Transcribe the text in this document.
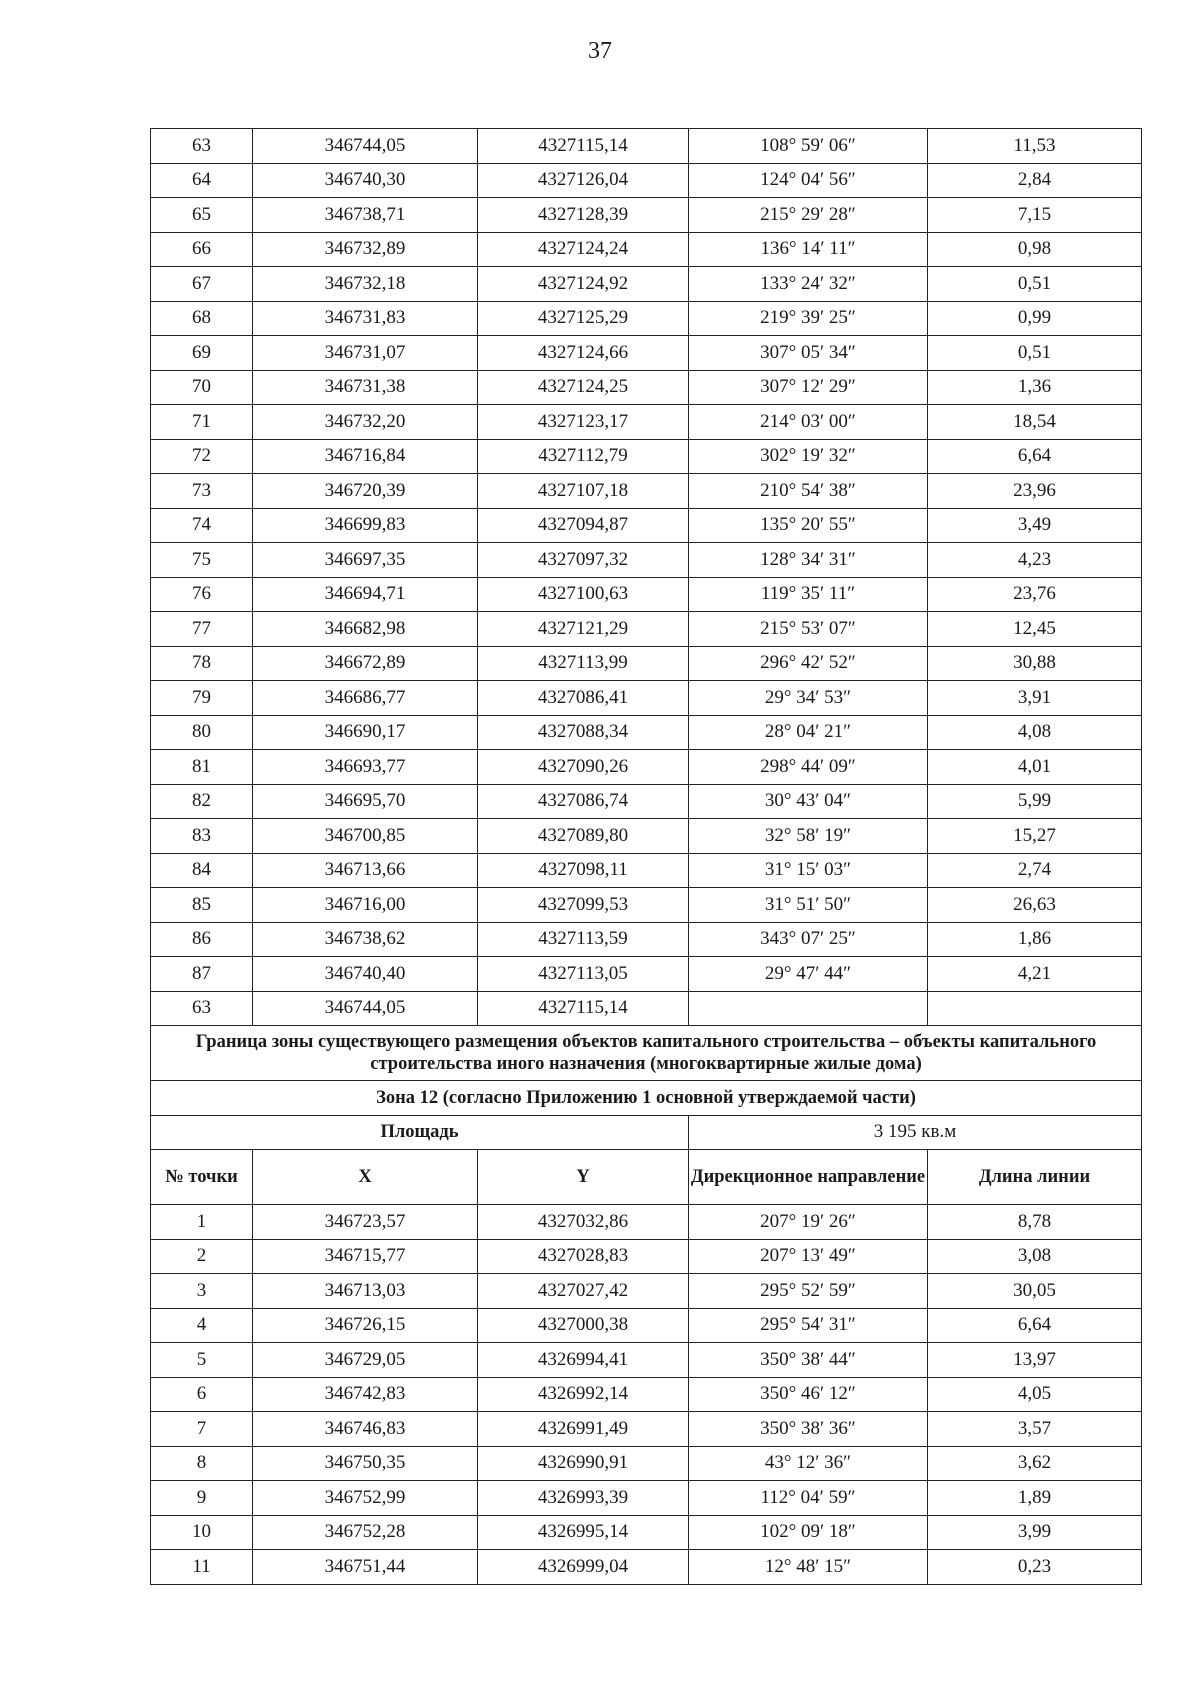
37
63	346744,05	4327115,14	108° 59′ 06″	11,53
64	346740,30	4327126,04	124° 04′ 56″	2,84
65	346738,71	4327128,39	215° 29′ 28″	7,15
66	346732,89	4327124,24	136° 14′ 11″	0,98
67	346732,18	4327124,92	133° 24′ 32″	0,51
68	346731,83	4327125,29	219° 39′ 25″	0,99
69	346731,07	4327124,66	307° 05′ 34″	0,51
70	346731,38	4327124,25	307° 12′ 29″	1,36
71	346732,20	4327123,17	214° 03′ 00″	18,54
72	346716,84	4327112,79	302° 19′ 32″	6,64
73	346720,39	4327107,18	210° 54′ 38″	23,96
74	346699,83	4327094,87	135° 20′ 55″	3,49
75	346697,35	4327097,32	128° 34′ 31″	4,23
76	346694,71	4327100,63	119° 35′ 11″	23,76
77	346682,98	4327121,29	215° 53′ 07″	12,45
78	346672,89	4327113,99	296° 42′ 52″	30,88
79	346686,77	4327086,41	29° 34′ 53″	3,91
80	346690,17	4327088,34	28° 04′ 21″	4,08
81	346693,77	4327090,26	298° 44′ 09″	4,01
82	346695,70	4327086,74	30° 43′ 04″	5,99
83	346700,85	4327089,80	32° 58′ 19″	15,27
84	346713,66	4327098,11	31° 15′ 03″	2,74
85	346716,00	4327099,53	31° 51′ 50″	26,63
86	346738,62	4327113,59	343° 07′ 25″	1,86
87	346740,40	4327113,05	29° 47′ 44″	4,21
63	346744,05	4327115,14		
Граница зоны существующего размещения объектов капитального строительства – объекты капитального строительства иного назначения (многоквартирные жилые дома)				
Зона 12 (согласно Приложению 1 основной утверждаемой части)				
Площадь			3 195 кв.м	
№ точки	X	Y	Дирекционное направление	Длина линии
1	346723,57	4327032,86	207° 19′ 26″	8,78
2	346715,77	4327028,83	207° 13′ 49″	3,08
3	346713,03	4327027,42	295° 52′ 59″	30,05
4	346726,15	4327000,38	295° 54′ 31″	6,64
5	346729,05	4326994,41	350° 38′ 44″	13,97
6	346742,83	4326992,14	350° 46′ 12″	4,05
7	346746,83	4326991,49	350° 38′ 36″	3,57
8	346750,35	4326990,91	43° 12′ 36″	3,62
9	346752,99	4326993,39	112° 04′ 59″	1,89
10	346752,28	4326995,14	102° 09′ 18″	3,99
11	346751,44	4326999,04	12° 48′ 15″	0,23
